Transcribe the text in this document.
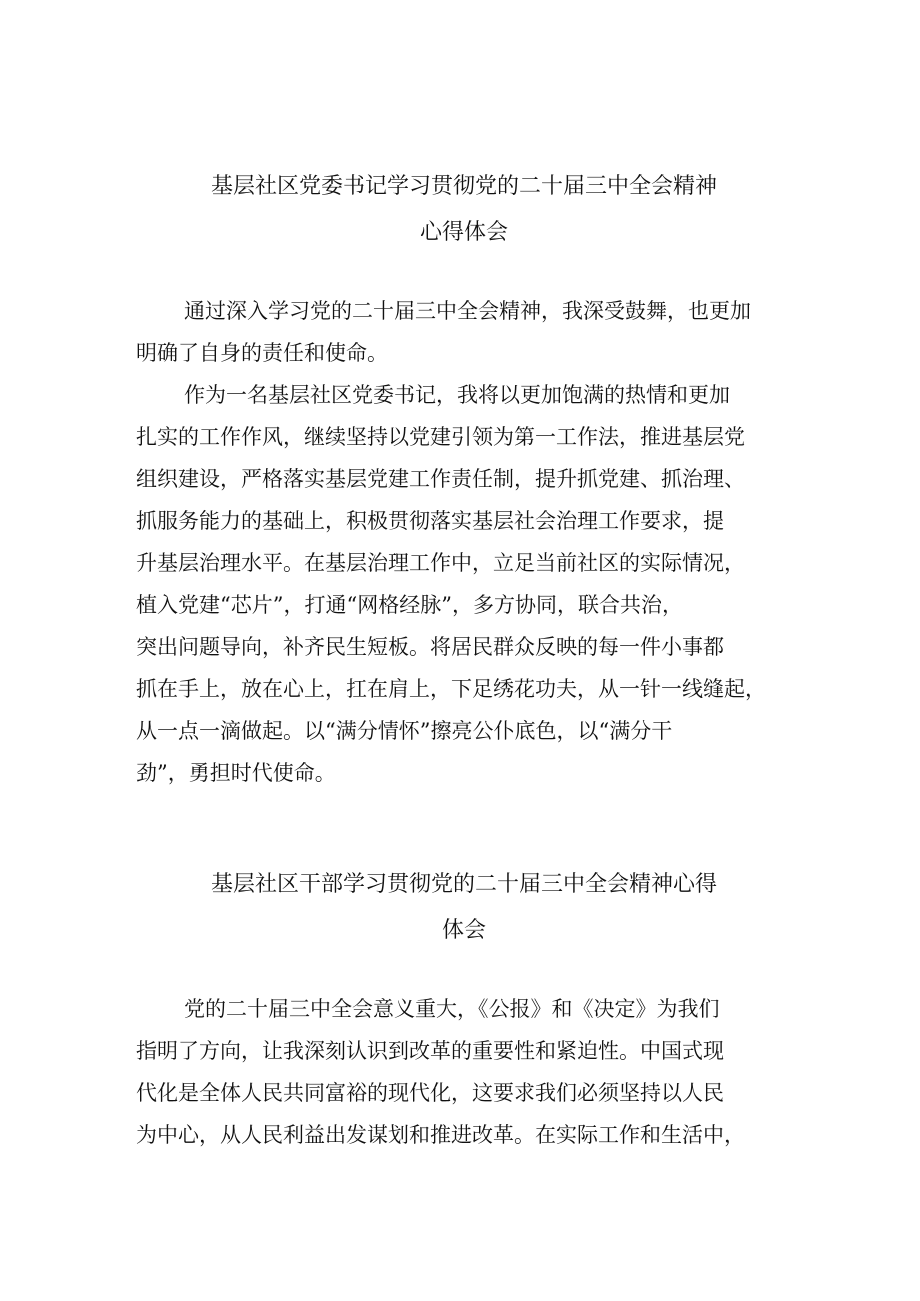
基层社区党委书记学习贯彻党的二十届三中全会精神
心得体会
通过深入学习党的二十届三中全会精神，我深受鼓舞，也更加
明确了自身的责任和使命。
作为一名基层社区党委书记，我将以更加饱满的热情和更加
扎实的工作作风，继续坚持以党建引领为第一工作法，推进基层党
组织建设，严格落实基层党建工作责任制，提升抓党建、抓治理、
抓服务能力的基础上，积极贯彻落实基层社会治理工作要求，提
升基层治理水平。在基层治理工作中，立足当前社区的实际情况，
植入党建“芯片”，打通“网格经脉”，多方协同，联合共治，
突出问题导向，补齐民生短板。将居民群众反映的每一件小事都
抓在手上，放在心上，扛在肩上，下足绣花功夫，从一针一线缝起，
从一点一滴做起。以“满分情怀”擦亮公仆底色，以“满分干
劲”，勇担时代使命。
基层社区干部学习贯彻党的二十届三中全会精神心得
体会
党的二十届三中全会意义重大，《公报》和《决定》为我们
指明了方向，让我深刻认识到改革的重要性和紧迫性。中国式现
代化是全体人民共同富裕的现代化，这要求我们必须坚持以人民
为中心，从人民利益出发谋划和推进改革。在实际工作和生活中，
